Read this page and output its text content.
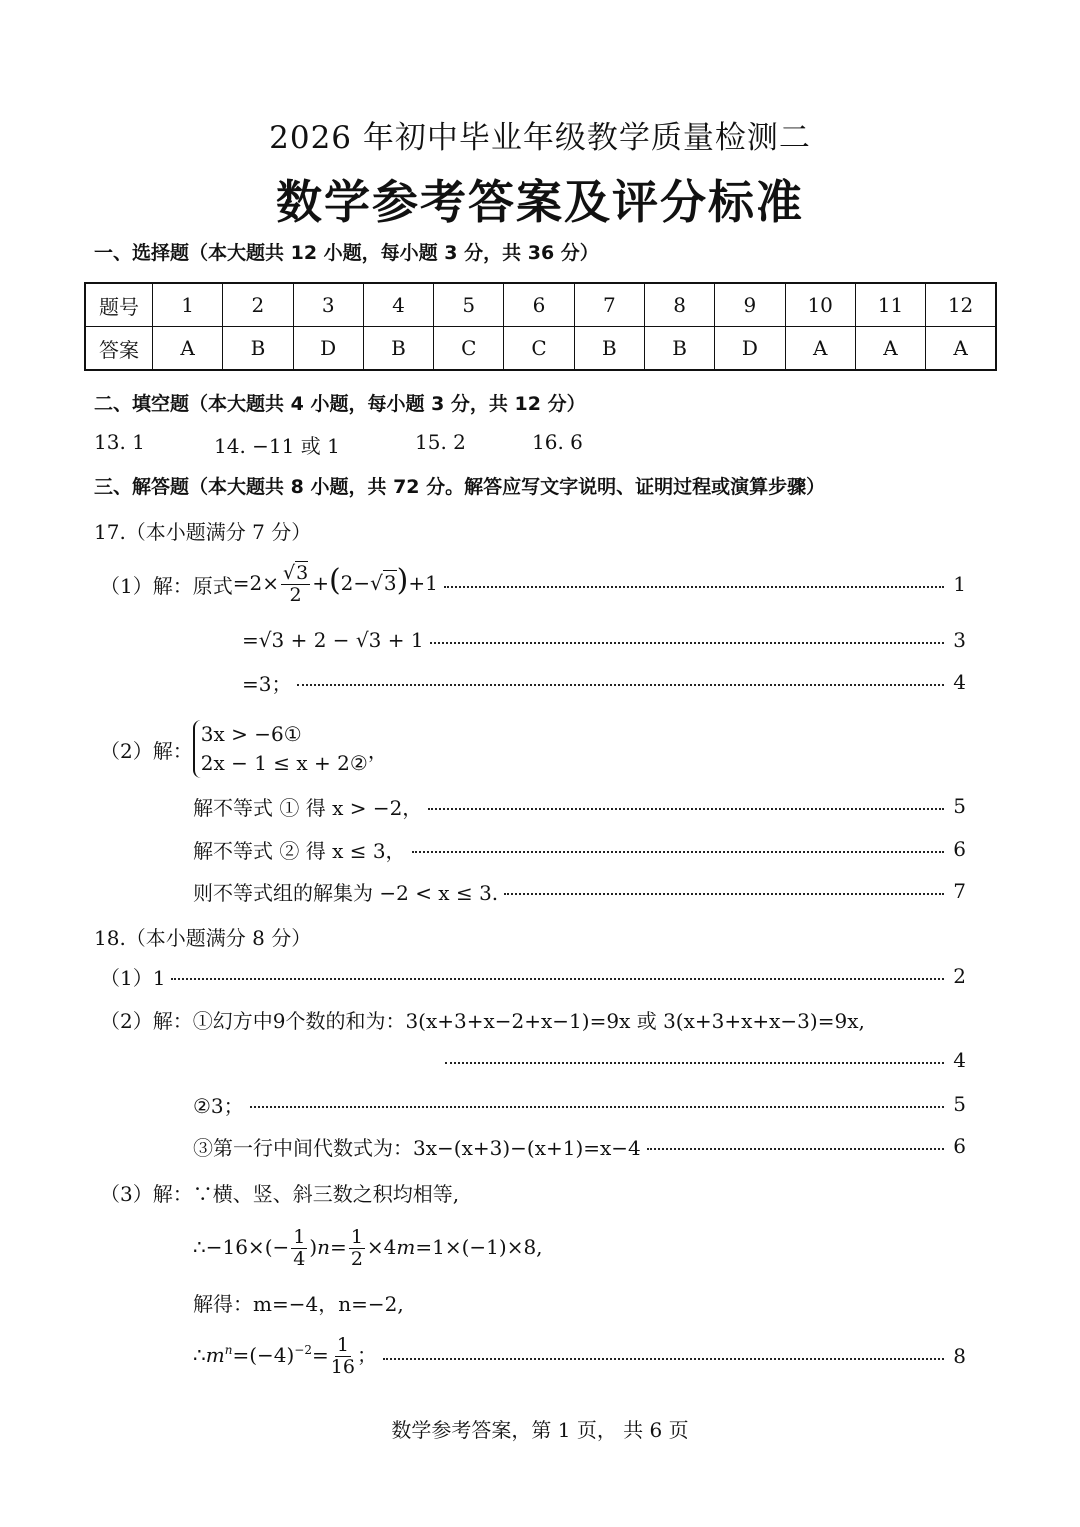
2026 年初中毕业年级教学质量检测二
数学参考答案及评分标准
一、选择题（本大题共 12 小题，每小题 3 分，共 36 分）
题号	1	2	3	4	5	6	7	8	9	10	11	12
答案	A	B	D	B	C	C	B	B	D	A	A	A
二、填空题（本大题共 4 小题，每小题 3 分，共 12 分）
13. 1	14. −11 或 1	15. 2	16. 6
三、解答题（本大题共 8 小题，共 72 分。解答应写文字说明、证明过程或演算步骤）
17.（本小题满分 7 分）
（1）解：原式 $=2\times \frac{√3}{2} +(2-√3)+1$	1
=√3 + 2 − √3 + 1	3
=3；	4
（2）解：
3x > −6①
2x − 1 ≤ x + 2②
，
解不等式 ① 得 x > −2，	5
解不等式 ② 得 x ≤ 3，	6
则不等式组的解集为 −2 < x ≤ 3.	7
18.（本小题满分 8 分）
（1）1	2
（2）解： ①幻方中9个数的和为：3(x+3+x−2+x−1)=9x 或 3(x+3+x+x−3)=9x,
4
②3；	5
③第一行中间代数式为：3x−(x+3)−(x+1)=x−4	6
（3）解： ∵横、竖、斜三数之积均相等,
∴−16×(− $\frac{1}{4} )n= \frac{1}{2} \times 4m=1\times(-1)\times 8$,
解得：m=−4，n=−2,
$\therefore m^n=(-4)^{-2}= \frac{1}{16}$ ；	8
数学参考答案，第 1 页， 共 6 页
